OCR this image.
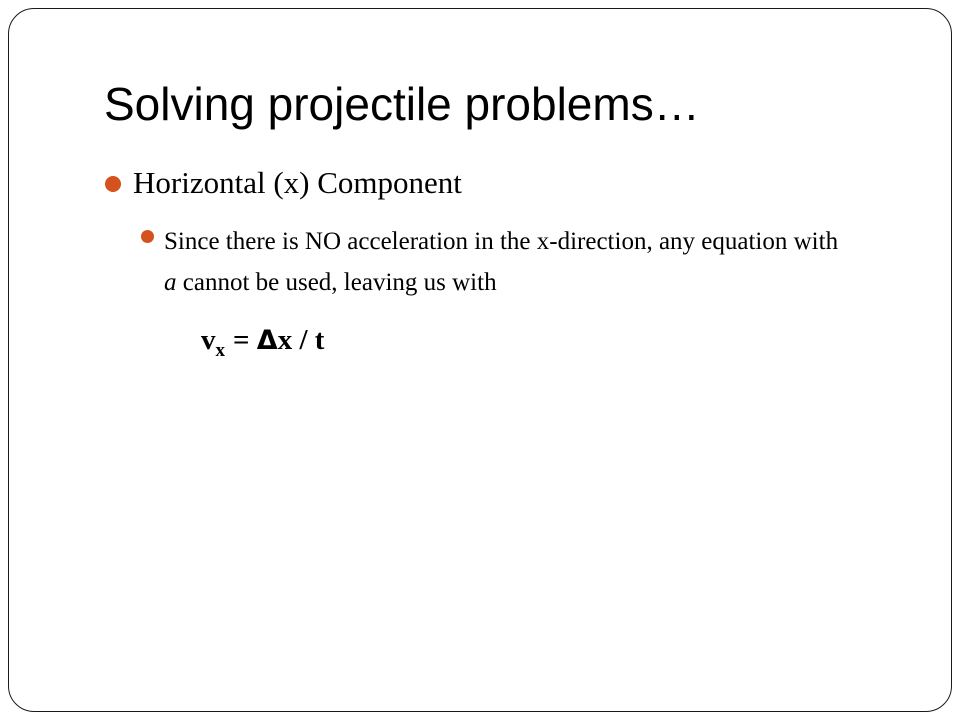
Solving projectile problems…
Horizontal (x) Component
Since there is NO acceleration in the x-direction, any equation with a cannot be used, leaving us with
$v_x = \Delta x / t$
